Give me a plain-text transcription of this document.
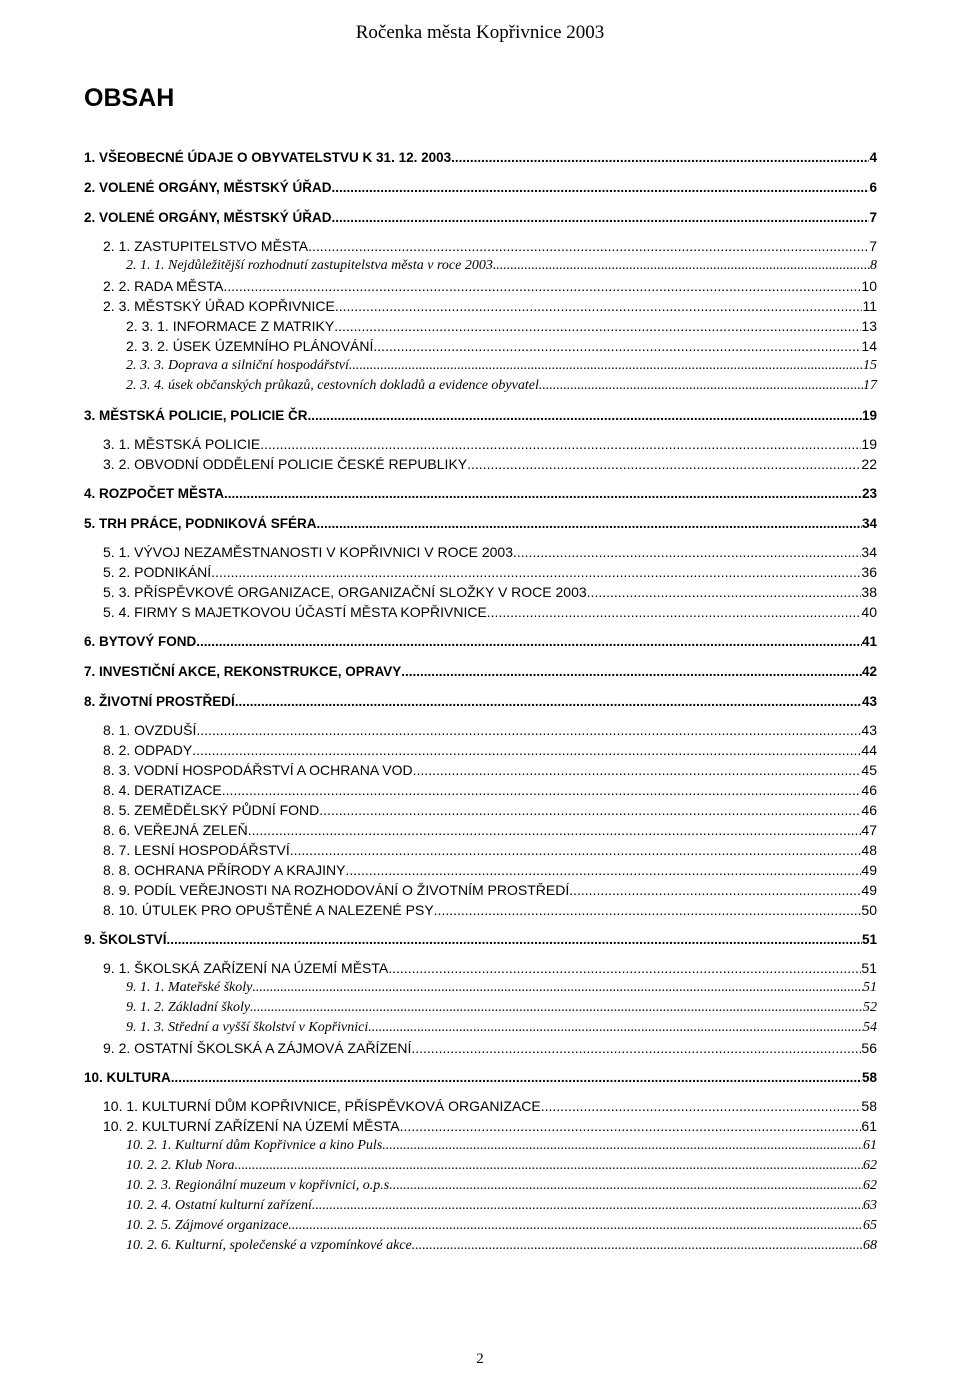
Ročenka města Kopřivnice 2003
OBSAH
1. VŠEOBECNÉ ÚDAJE O OBYVATELSTVU K 31. 12. 2003 .....	4
2. VOLENÉ ORGÁNY, MĚSTSKÝ ÚŘAD .....	6
2. VOLENÉ ORGÁNY, MĚSTSKÝ ÚŘAD .....	7
2. 1. ZASTUPITELSTVO MĚSTA .....	7
2. 1. 1. Nejdůležitější rozhodnutí zastupitelstva města v roce 2003 .....	8
2. 2. RADA MĚSTA .....	10
2. 3. MĚSTSKÝ ÚŘAD KOPŘIVNICE .....	11
2. 3. 1. INFORMACE Z MATRIKY .....	13
2. 3. 2. ÚSEK ÚZEMNÍHO PLÁNOVÁNÍ .....	14
2. 3. 3. Doprava a silniční hospodářství .....	15
2. 3. 4. úsek občanských průkazů, cestovních dokladů a evidence obyvatel .....	17
3. MĚSTSKÁ POLICIE, POLICIE ČR .....	19
3. 1. MĚSTSKÁ POLICIE .....	19
3. 2. OBVODNÍ ODDĚLENÍ POLICIE ČESKÉ REPUBLIKY .....	22
4. ROZPOČET MĚSTA .....	23
5. TRH PRÁCE, PODNIKOVÁ SFÉRA .....	34
5. 1. VÝVOJ NEZAMĚSTNANOSTI V KOPŘIVNICI V ROCE 2003 .....	34
5. 2. PODNIKÁNÍ .....	36
5. 3. PŘÍSPĚVKOVÉ ORGANIZACE, ORGANIZAČNÍ SLOŽKY V ROCE 2003 .....	38
5. 4. FIRMY S MAJETKOVOU ÚČASTÍ MĚSTA KOPŘIVNICE .....	40
6. BYTOVÝ FOND .....	41
7. INVESTIČNÍ AKCE, REKONSTRUKCE, OPRAVY .....	42
8. ŽIVOTNÍ PROSTŘEDÍ .....	43
8. 1. OVZDUŠÍ .....	43
8. 2. ODPADY .....	44
8. 3. VODNÍ HOSPODÁŘSTVÍ A OCHRANA VOD .....	45
8. 4. DERATIZACE .....	46
8. 5. ZEMĚDĚLSKÝ PŮDNÍ FOND .....	46
8. 6. VEŘEJNÁ ZELEŇ .....	47
8. 7. LESNÍ HOSPODÁŘSTVÍ .....	48
8. 8. OCHRANA PŘÍRODY A KRAJINY .....	49
8. 9. PODÍL VEŘEJNOSTI NA ROZHODOVÁNÍ O ŽIVOTNÍM PROSTŘEDÍ .....	49
8. 10. ÚTULEK PRO OPUŠTĚNÉ A NALEZENÉ PSY .....	50
9. ŠKOLSTVÍ .....	51
9. 1. ŠKOLSKÁ ZAŘÍZENÍ NA ÚZEMÍ MĚSTA .....	51
9. 1. 1. Mateřské školy .....	51
9. 1. 2. Základní školy .....	52
9. 1. 3. Střední a vyšší školství v Kopřivnici .....	54
9. 2. OSTATNÍ ŠKOLSKÁ A ZÁJMOVÁ ZAŘÍZENÍ .....	56
10. KULTURA .....	58
10. 1. KULTURNÍ DŮM KOPŘIVNICE, PŘÍSPĚVKOVÁ ORGANIZACE .....	58
10. 2. KULTURNÍ ZAŘÍZENÍ NA ÚZEMÍ MĚSTA .....	61
10. 2. 1. Kulturní dům Kopřivnice a kino Puls .....	61
10. 2. 2. Klub Nora .....	62
10. 2. 3. Regionální muzeum v kopřivnici, o.p.s. .....	62
10. 2. 4. Ostatní kulturní zařízení .....	63
10. 2. 5. Zájmové organizace .....	65
10. 2. 6. Kulturní, společenské a vzpomínkové akce .....	68
2
